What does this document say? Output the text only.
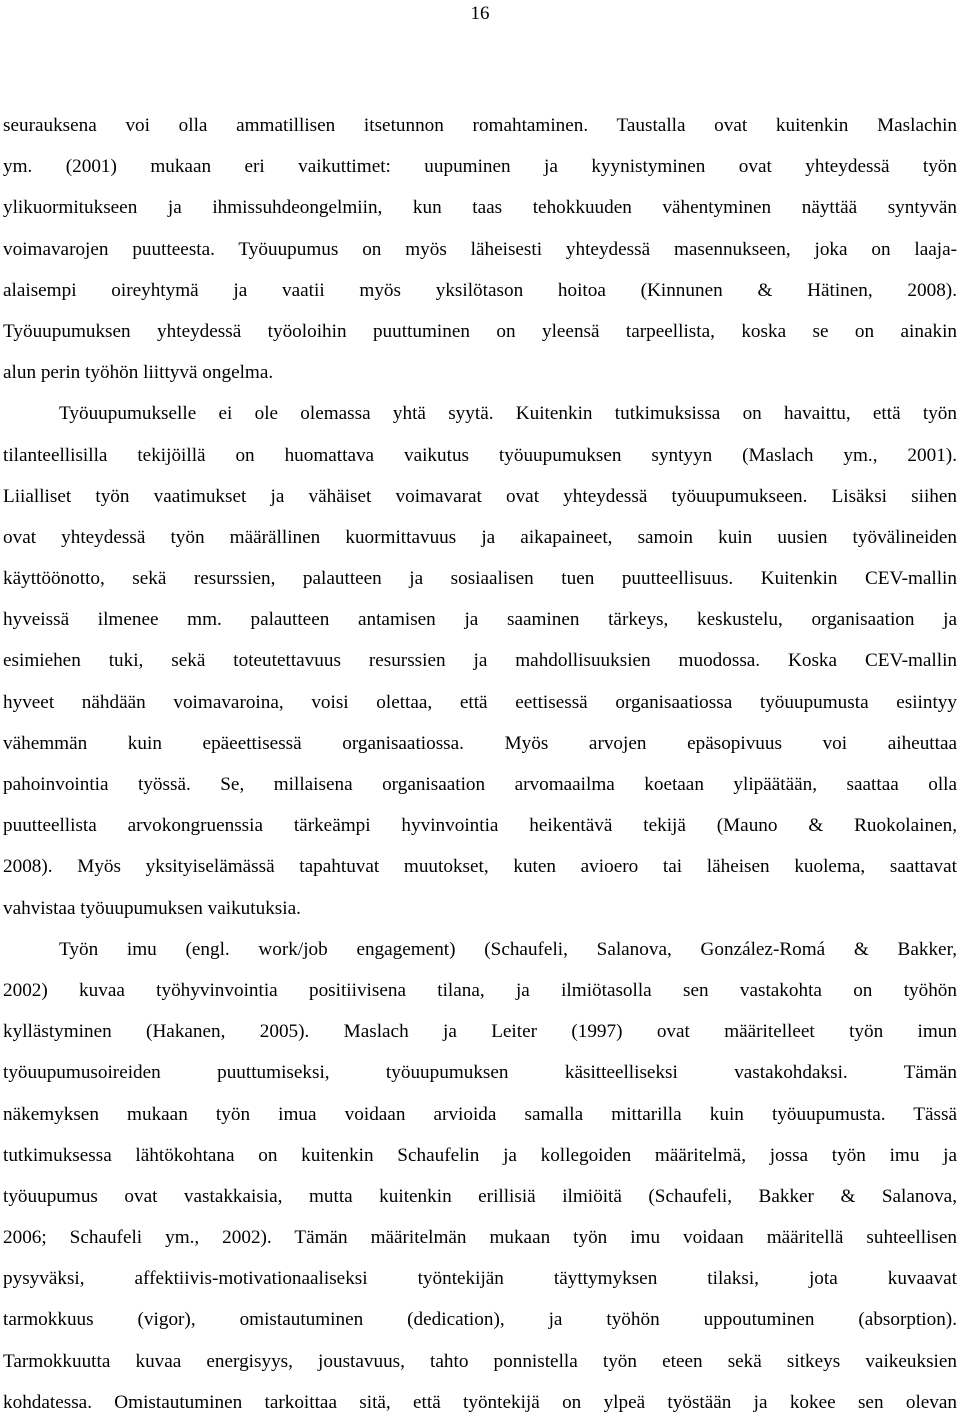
16
seurauksena voi olla ammatillisen itsetunnon romahtaminen. Taustalla ovat kuitenkin Maslachin
ym. (2001) mukaan eri vaikuttimet: uupuminen ja kyynistyminen ovat yhteydessä työn
ylikuormitukseen ja ihmissuhdeongelmiin, kun taas tehokkuuden vähentyminen näyttää syntyvän
voimavarojen puutteesta. Työuupumus on myös läheisesti yhteydessä masennukseen, joka on laaja-
alaisempi oireyhtymä ja vaatii myös yksilötason hoitoa (Kinnunen & Hätinen, 2008).
Työuupumuksen yhteydessä työoloihin puuttuminen on yleensä tarpeellista, koska se on ainakin
alun perin työhön liittyvä ongelma.
Työuupumukselle ei ole olemassa yhtä syytä. Kuitenkin tutkimuksissa on havaittu, että työn
tilanteellisilla tekijöillä on huomattava vaikutus työuupumuksen syntyyn (Maslach ym., 2001).
Liialliset työn vaatimukset ja vähäiset voimavarat ovat yhteydessä työuupumukseen. Lisäksi siihen
ovat yhteydessä työn määrällinen kuormittavuus ja aikapaineet, samoin kuin uusien työvälineiden
käyttöönotto, sekä resurssien, palautteen ja sosiaalisen tuen puutteellisuus. Kuitenkin CEV-mallin
hyveissä ilmenee mm. palautteen antamisen ja saaminen tärkeys, keskustelu, organisaation ja
esimiehen tuki, sekä toteutettavuus resurssien ja mahdollisuuksien muodossa. Koska CEV-mallin
hyveet nähdään voimavaroina, voisi olettaa, että eettisessä organisaatiossa työuupumusta esiintyy
vähemmän kuin epäeettisessä organisaatiossa. Myös arvojen epäsopivuus voi aiheuttaa
pahoinvointia työssä. Se, millaisena organisaation arvomaailma koetaan ylipäätään, saattaa olla
puutteellista arvokongruenssia tärkeämpi hyvinvointia heikentävä tekijä (Mauno & Ruokolainen,
2008). Myös yksityiselämässä tapahtuvat muutokset, kuten avioero tai läheisen kuolema, saattavat
vahvistaa työuupumuksen vaikutuksia.
Työn imu (engl. work/job engagement) (Schaufeli, Salanova, González-Romá & Bakker,
2002) kuvaa työhyvinvointia positiivisena tilana, ja ilmiötasolla sen vastakohta on työhön
kyllästyminen (Hakanen, 2005). Maslach ja Leiter (1997) ovat määritelleet työn imun
työuupumusoireiden puuttumiseksi, työuupumuksen käsitteelliseksi vastakohdaksi. Tämän
näkemyksen mukaan työn imua voidaan arvioida samalla mittarilla kuin työuupumusta. Tässä
tutkimuksessa lähtökohtana on kuitenkin Schaufelin ja kollegoiden määritelmä, jossa työn imu ja
työuupumus ovat vastakkaisia, mutta kuitenkin erillisiä ilmiöitä (Schaufeli, Bakker & Salanova,
2006; Schaufeli ym., 2002). Tämän määritelmän mukaan työn imu voidaan määritellä suhteellisen
pysyväksi, affektiivis-motivationaaliseksi työntekijän täyttymyksen tilaksi, jota kuvaavat
tarmokkuus (vigor), omistautuminen (dedication), ja työhön uppoutuminen (absorption).
Tarmokkuutta kuvaa energisyys, joustavuus, tahto ponnistella työn eteen sekä sitkeys vaikeuksien
kohdatessa. Omistautuminen tarkoittaa sitä, että työntekijä on ylpeä työstään ja kokee sen olevan
